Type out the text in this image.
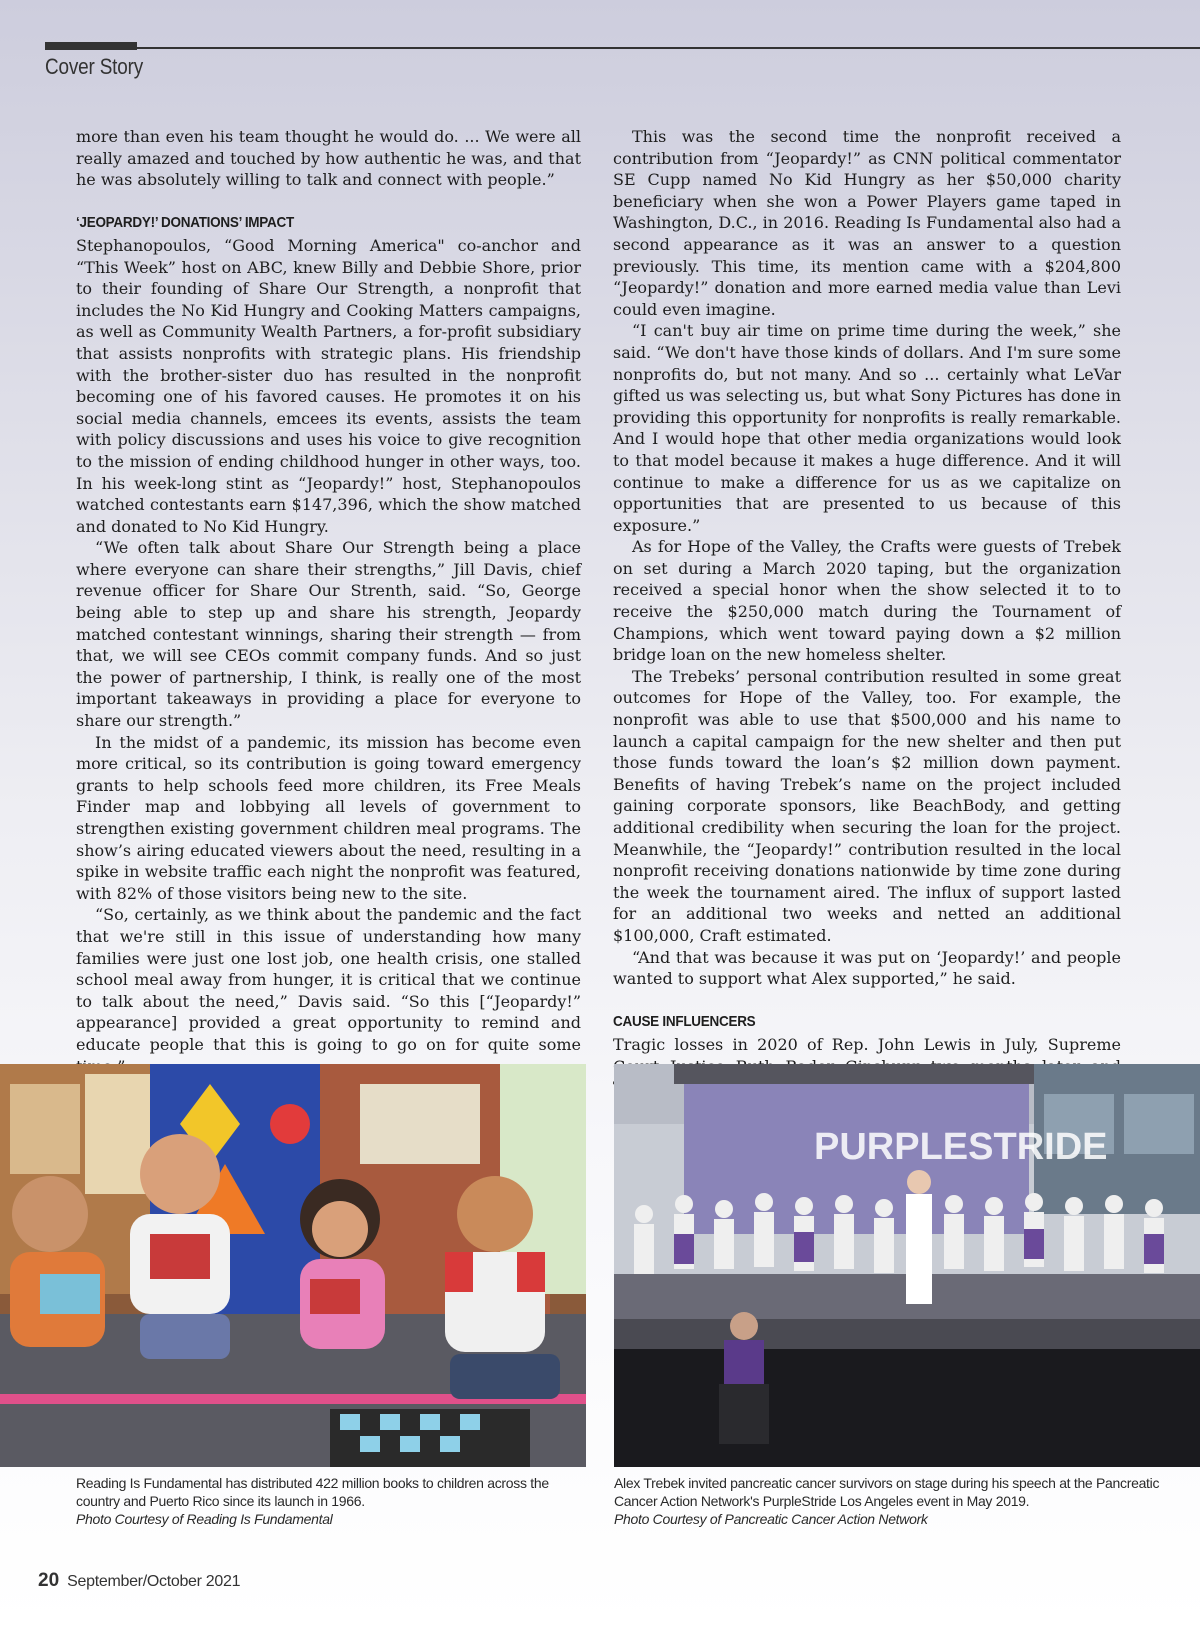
Cover Story

more than even his team thought he would do. ... We were all really amazed and touched by how authentic he was, and that he was absolutely willing to talk and connect with people.”

‘JEOPARDY!’ DONATIONS’ IMPACT

Stephanopoulos, “Good Morning America" co-anchor and “This Week” host on ABC, knew Billy and Debbie Shore, prior to their founding of Share Our Strength, a nonprofit that includes the No Kid Hungry and Cooking Matters campaigns, as well as Community Wealth Partners, a for-profit subsidiary that assists nonprofits with strategic plans. His friendship with the brother-sister duo has resulted in the nonprofit becoming one of his favored causes. He promotes it on his social media channels, emcees its events, assists the team with policy discussions and uses his voice to give recognition to the mission of ending childhood hunger in other ways, too. In his week-long stint as “Jeopardy!” host, Stephanopoulos watched contestants earn $147,396, which the show matched and donated to No Kid Hungry.

“We often talk about Share Our Strength being a place where everyone can share their strengths,” Jill Davis, chief revenue officer for Share Our Strenth, said. “So, George being able to step up and share his strength, Jeopardy matched contestant winnings, sharing their strength — from that, we will see CEOs commit company funds. And so just the power of partnership, I think, is really one of the most important takeaways in providing a place for everyone to share our strength.”

In the midst of a pandemic, its mission has become even more critical, so its contribution is going toward emergency grants to help schools feed more children, its Free Meals Finder map and lobbying all levels of government to strengthen existing government children meal programs. The show’s airing educated viewers about the need, resulting in a spike in website traffic each night the nonprofit was featured, with 82% of those visitors being new to the site.

“So, certainly, as we think about the pandemic and the fact that we're still in this issue of understanding how many families were just one lost job, one health crisis, one stalled school meal away from hunger, it is critical that we continue to talk about the need,” Davis said. “So this [“Jeopardy!” appearance] provided a great opportunity to remind and educate people that this is going to go on for quite some

This was the second time the nonprofit received a contribution from “Jeopardy!” as CNN political commentator SE Cupp named No Kid Hungry as her $50,000 charity beneficiary when she won a Power Players game taped in Washington, D.C., in 2016. Reading Is Fundamental also had a second appearance as it was an answer to a question previously. This time, its mention came with a $204,800 “Jeopardy!” donation and more earned media value than Levi could even imagine.

“I can't buy air time on prime time during the week,” she said. “We don't have those kinds of dollars. And I'm sure some nonprofits do, but not many. And so ... certainly what LeVar gifted us was selecting us, but what Sony Pictures has done in providing this opportunity for nonprofits is really remarkable. And I would hope that other media organizations would look to that model because it makes a huge difference. And it will continue to make a difference for us as we capitalize on opportunities that are presented to us because of this exposure.”

As for Hope of the Valley, the Crafts were guests of Trebek on set during a March 2020 taping, but the organization received a special honor when the show selected it to to receive the $250,000 match during the Tournament of Champions, which went toward paying down a $2 million bridge loan on the new homeless shelter.

The Trebeks’ personal contribution resulted in some great outcomes for Hope of the Valley, too. For example, the nonprofit was able to use that $500,000 and his name to launch a capital campaign for the new shelter and then put those funds toward the loan’s $2 million down payment. Benefits of having Trebek’s name on the project included gaining corporate sponsors, like BeachBody, and getting additional credibility when securing the loan for the project. Meanwhile, the “Jeopardy!” contribution resulted in the local nonprofit receiving donations nationwide by time zone during the week the tournament aired. The influx of support lasted for an additional two weeks and netted an additional $100,000, Craft estimated.

“And that was because it was put on ‘Jeopardy!’ and people wanted to support what Alex supported,” he said.

CAUSE INFLUENCERS

Tragic losses in 2020 of Rep. John Lewis in July, Supreme

PURPLESTRIDE
Reading Is Fundamental has distributed 422 million books to children across the country and Puerto Rico since its launch in 1966.
Photo Courtesy of Reading Is Fundamental
Alex Trebek invited pancreatic cancer survivors on stage during his speech at the Pancreatic Cancer Action Network's PurpleStride Los Angeles event in May 2019.
Photo Courtesy of Pancreatic Cancer Action Network
20 September/October 2021
